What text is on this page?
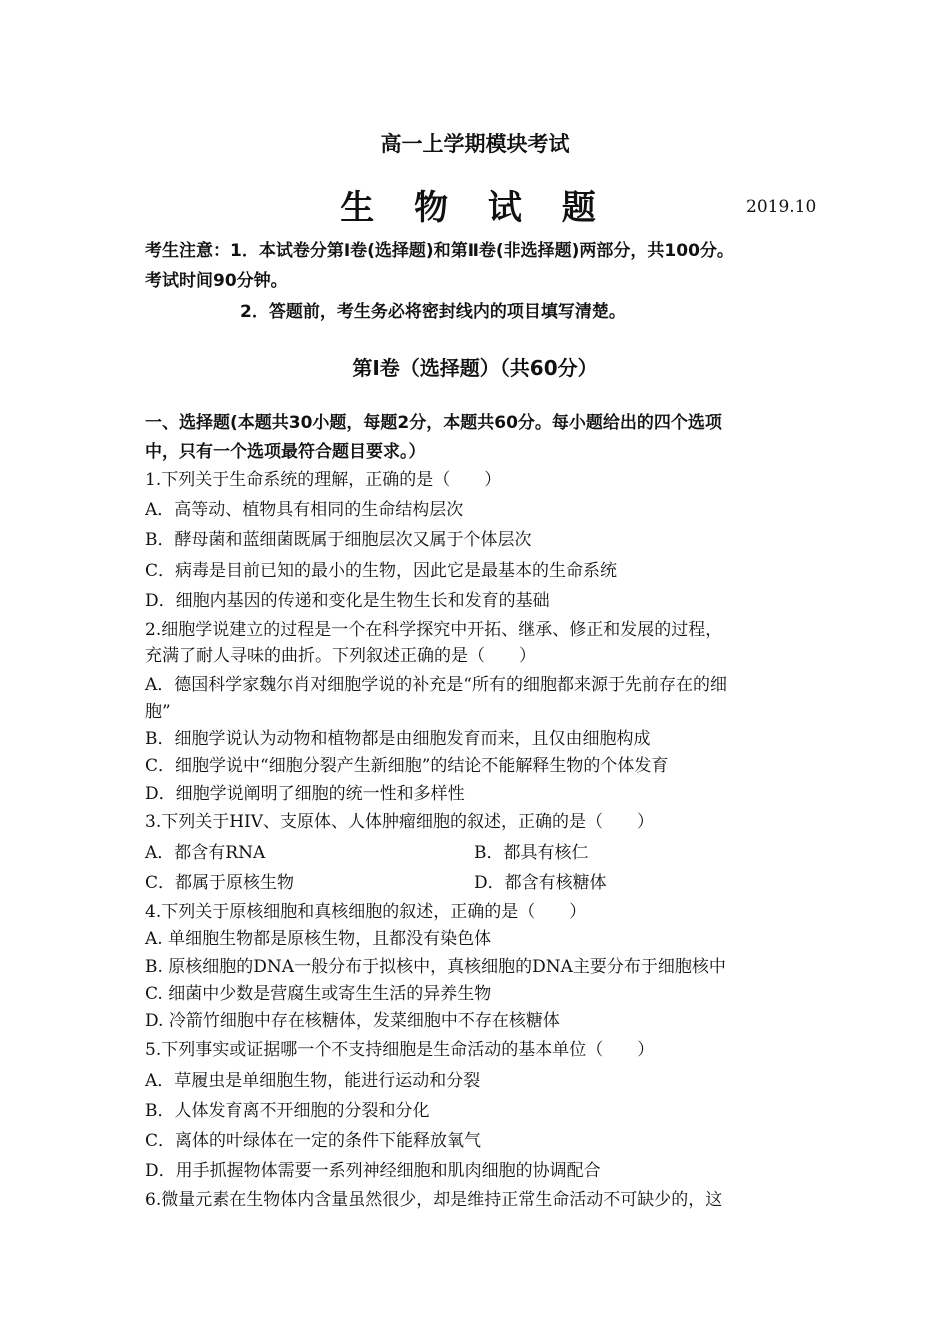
高一上学期模块考试
生 物 试 题	2019.10
考生注意：1．本试卷分第Ⅰ卷(选择题)和第Ⅱ卷(非选择题)两部分，共100分。
考试时间90分钟。
2．答题前，考生务必将密封线内的项目填写清楚。
第Ⅰ卷（选择题）（共60分）
一、选择题(本题共30小题，每题2分，本题共60分。每小题给出的四个选项
中，只有一个选项最符合题目要求。）
1.下列关于生命系统的理解，正确的是（　　）
A．高等动、植物具有相同的生命结构层次
B．酵母菌和蓝细菌既属于细胞层次又属于个体层次
C．病毒是目前已知的最小的生物，因此它是最基本的生命系统
D．细胞内基因的传递和变化是生物生长和发育的基础
2.细胞学说建立的过程是一个在科学探究中开拓、继承、修正和发展的过程，
充满了耐人寻味的曲折。下列叙述正确的是（　　）
A．德国科学家魏尔肖对细胞学说的补充是“所有的细胞都来源于先前存在的细
胞”
B．细胞学说认为动物和植物都是由细胞发育而来，且仅由细胞构成
C．细胞学说中“细胞分裂产生新细胞”的结论不能解释生物的个体发育
D．细胞学说阐明了细胞的统一性和多样性
3.下列关于HIV、支原体、人体肿瘤细胞的叙述，正确的是（　　）
A．都含有RNA	B．都具有核仁
C．都属于原核生物	D．都含有核糖体
4.下列关于原核细胞和真核细胞的叙述，正确的是（　　）
A. 单细胞生物都是原核生物，且都没有染色体
B. 原核细胞的DNA一般分布于拟核中，真核细胞的DNA主要分布于细胞核中
C. 细菌中少数是营腐生或寄生生活的异养生物
D. 冷箭竹细胞中存在核糖体，发菜细胞中不存在核糖体
5.下列事实或证据哪一个不支持细胞是生命活动的基本单位（　　）
A．草履虫是单细胞生物，能进行运动和分裂
B．人体发育离不开细胞的分裂和分化
C．离体的叶绿体在一定的条件下能释放氧气
D．用手抓握物体需要一系列神经细胞和肌肉细胞的协调配合
6.微量元素在生物体内含量虽然很少，却是维持正常生命活动不可缺少的，这
